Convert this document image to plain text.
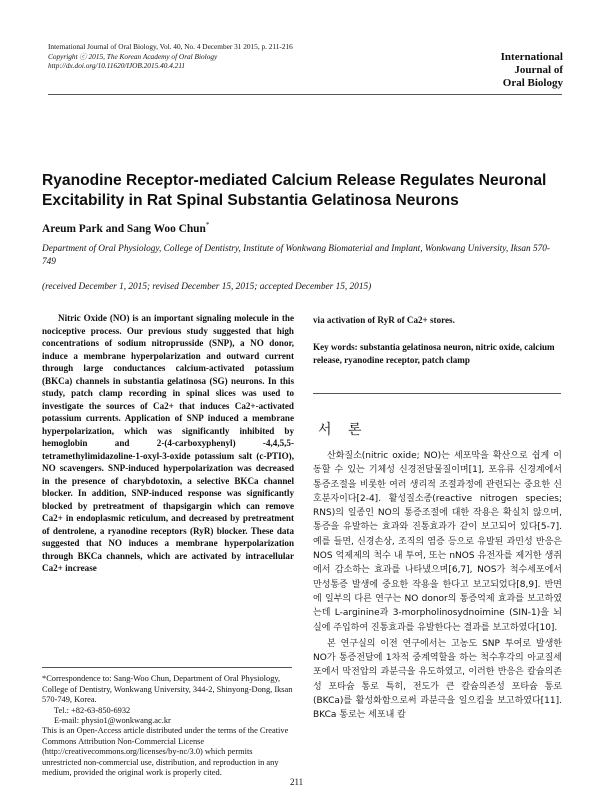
International Journal of Oral Biology, Vol. 40, No. 4 December 31 2015, p. 211-216
Copyright ⓒ 2015, The Korean Academy of Oral Biology
http://dx.doi.org/10.11620/IJOB.2015.40.4.211
International
Journal of
Oral Biology
Ryanodine Receptor-mediated Calcium Release Regulates Neuronal
Excitability in Rat Spinal Substantia Gelatinosa Neurons
Areum Park and Sang Woo Chun*
Department of Oral Physiology, College of Dentistry, Institute of Wonkwang Biomaterial and Implant, Wonkwang University, Iksan 570-749
(received December 1, 2015; revised December 15, 2015; accepted December 15, 2015)

Nitric Oxide (NO) is an important signaling molecule in the nociceptive process. Our previous study suggested that high concentrations of sodium nitroprusside (SNP), a NO donor, induce a membrane hyperpolarization and outward current through large conductances calcium-activated potassium (BKCa) channels in substantia gelatinosa (SG) neurons. In this study, patch clamp recording in spinal slices was used to investigate the sources of Ca2+ that induces Ca2+-activated potassium currents. Application of SNP induced a membrane hyperpolarization, which was significantly inhibited by hemoglobin and 2-(4-carboxyphenyl) -4,4,5,5-tetramethylimidazoline-1-oxyl-3-oxide potassium salt (c-PTIO), NO scavengers. SNP-induced hyperpolarization was decreased in the presence of charybdotoxin, a selective BKCa channel blocker. In addition, SNP-induced response was significantly blocked by pretreatment of thapsigargin which can remove Ca2+ in endoplasmic reticulum, and decreased by pretreatment of dentrolene, a ryanodine receptors (RyR) blocker. These data suggested that NO induces a membrane hyperpolarization through BKCa channels, which are activated by intracellular Ca2+ increase

via activation of RyR of Ca2+ stores.
Key words: substantia gelatinosa neuron, nitric oxide, calcium release, ryanodine receptor, patch clamp
서 론

산화질소(nitric oxide; NO)는 세포막을 확산으로 쉽게 이동할 수 있는 기체성 신경전달물질이며[1], 포유류 신경계에서 통증조절을 비롯한 여러 생리적 조절과정에 관련되는 중요한 신호분자이다[2-4]. 활성질소종(reactive nitrogen species; RNS)의 일종인 NO의 통증조절에 대한 작용은 확실치 않으며, 통증을 유발하는 효과와 진통효과가 같이 보고되어 있다[5-7]. 예를 들면, 신경손상, 조직의 염증 등으로 유발된 과민성 반응은 NOS 억제제의 척수 내 투여, 또는 nNOS 유전자를 제거한 생쥐에서 감소하는 효과를 나타냈으며[6,7], NOS가 척수세포에서 만성통증 발생에 중요한 작용을 한다고 보고되었다[8,9]. 반면에 일부의 다른 연구는 NO donor의 통증억제 효과를 보고하였는데 L-arginine과 3-morpholinosydnoimine (SIN-1)을 뇌실에 주입하여 진통효과를 유발한다는 결과를 보고하였다[10].

본 연구실의 이전 연구에서는 고농도 SNP 투여로 발생한 NO가 통증전달에 1차적 중계역할을 하는 척수후각의 아교질세포에서 막전압의 과분극을 유도하였고, 이러한 반응은 칼슘의존성 포타슘 통로 특히, 전도가 큰 칼슘의존성 포타슘 통로 (BKCa)를 활성화함으로써 과분극을 일으킴을 보고하였다[11]. BKCa 통로는 세포내 칼

*Correspondence to: Sang-Woo Chun, Department of Oral Physiology, College of Dentistry, Wonkwang University, 344-2, Shinyong-Dong, Iksan 570-749, Korea.
Tel.: +82-63-850-6932
E-mail: physio1@wonkwang.ac.kr
This is an Open-Access article distributed under the terms of the Creative Commons Attribution Non-Commercial License (http://creativecommons.org/licenses/by-nc/3.0) which permits unrestricted non-commercial use, distribution, and reproduction in any medium, provided the original work is properly cited.
211
